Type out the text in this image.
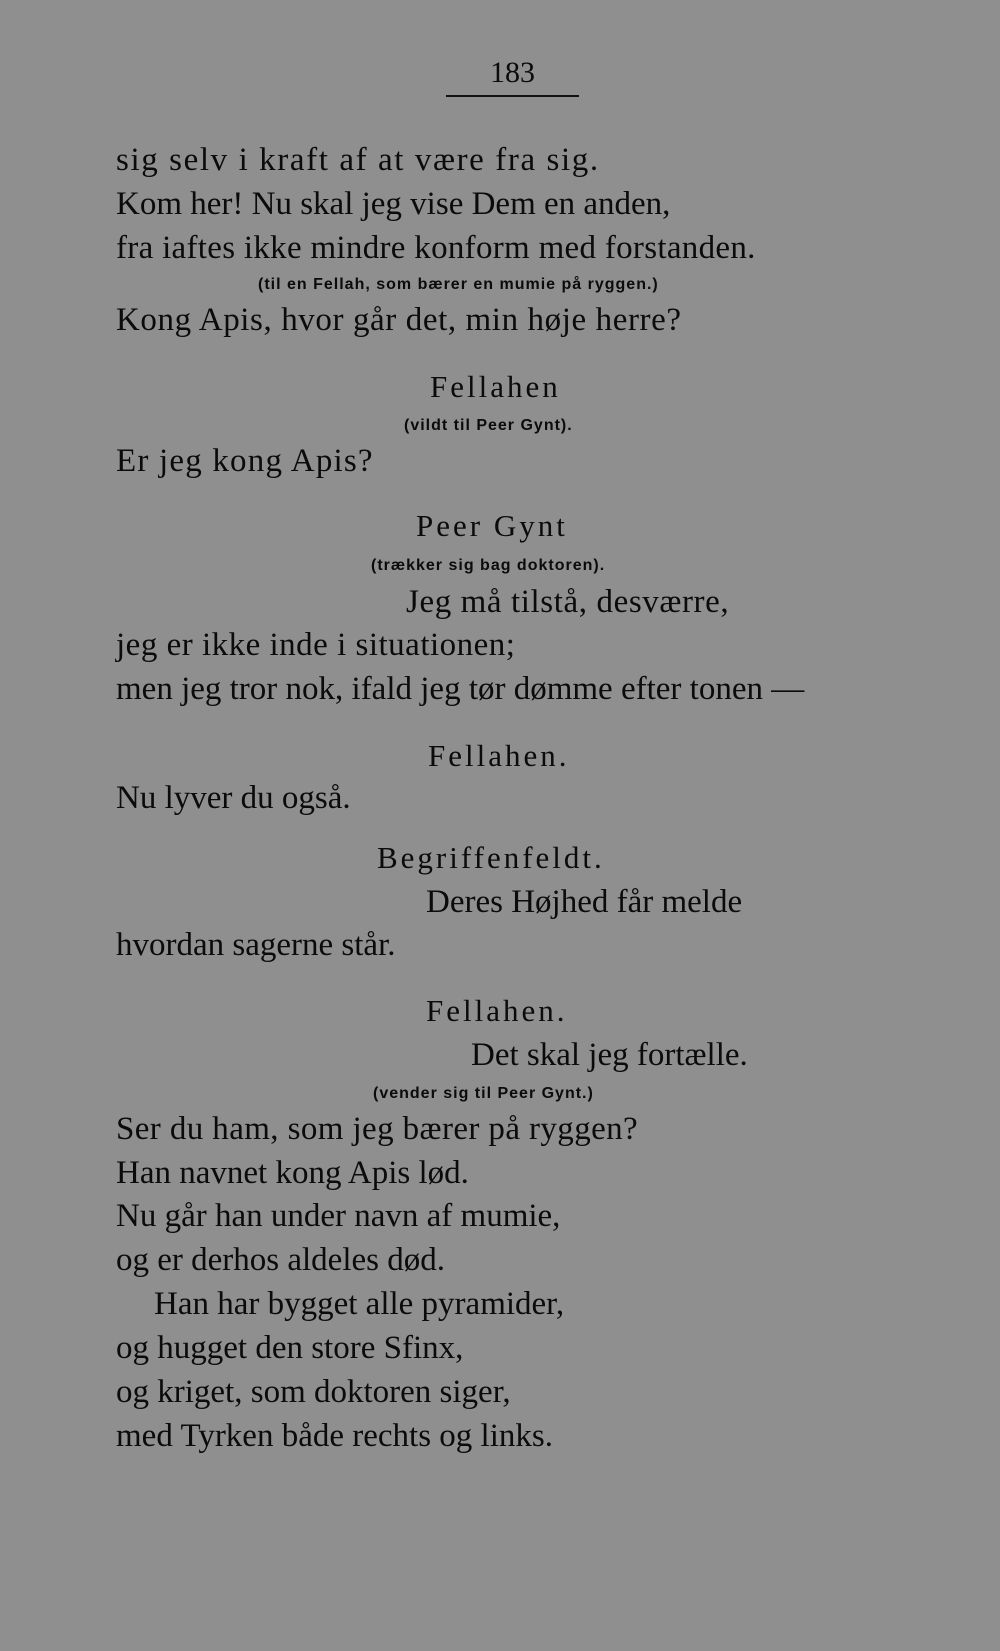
183
sig selv i kraft af at være fra sig.
Kom her! Nu skal jeg vise Dem en anden,
fra iaftes ikke mindre konform med forstanden.
(til en Fellah, som bærer en mumie på ryggen.)
Kong Apis, hvor går det, min høje herre?
Fellahen
(vildt til Peer Gynt).
Er jeg kong Apis?
Peer Gynt
(trækker sig bag doktoren).
Jeg må tilstå, desværre,
jeg er ikke inde i situationen;
men jeg tror nok, ifald jeg tør dømme efter tonen —
Fellahen.
Nu lyver du også.
Begriffenfeldt.
Deres Højhed får melde
hvordan sagerne står.
Fellahen.
Det skal jeg fortælle.
(vender sig til Peer Gynt.)
Ser du ham, som jeg bærer på ryggen?
Han navnet kong Apis lød.
Nu går han under navn af mumie,
og er derhos aldeles død.
Han har bygget alle pyramider,
og hugget den store Sfinx,
og kriget, som doktoren siger,
med Tyrken både rechts og links.
